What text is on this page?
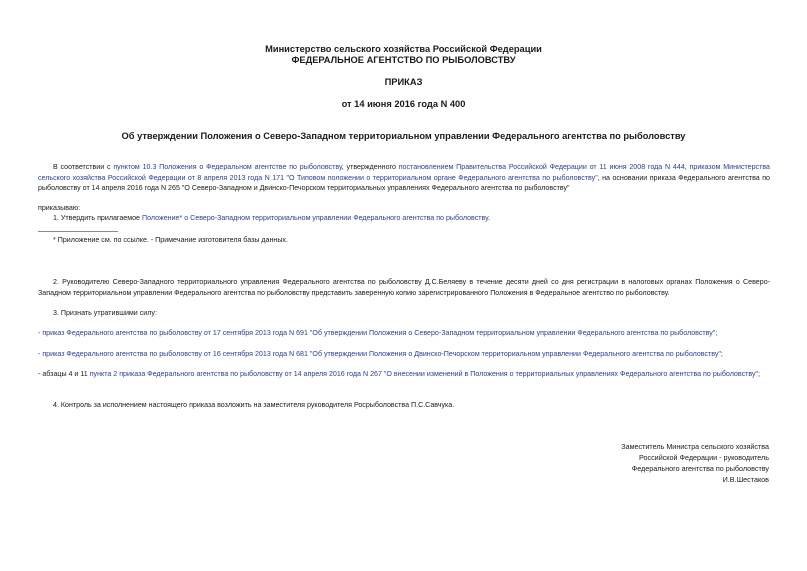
Министерство сельского хозяйства Российской Федерации
ФЕДЕРАЛЬНОЕ АГЕНТСТВО ПО РЫБОЛОВСТВУ
ПРИКАЗ
от 14 июня 2016 года N 400
Об утверждении Положения о Северо-Западном территориальном управлении Федерального агентства по рыболовству
В соответствии с пунктом 10.3 Положения о Федеральном агентстве по рыболовству, утвержденного постановлением Правительства Российской Федерации от 11 июня 2008 года N 444, приказом Министерства сельского хозяйства Российской Федерации от 8 апреля 2013 года N 171 "О Типовом положении о территориальном органе Федерального агентства по рыболовству", на основании приказа Федерального агентства по рыболовству от 14 апреля 2016 года N 265 "О Северо-Западном и Двинско-Печорском территориальных управлениях Федерального агентства по рыболовству"
приказываю:
1. Утвердить прилагаемое Положение* о Северо-Западном территориальном управлении Федерального агентства по рыболовству.
* Приложение см. по ссылке. - Примечание изготовителя базы данных.
2. Руководителю Северо-Западного территориального управления Федерального агентства по рыболовству Д.С.Беляеву в течение десяти дней со дня регистрации в налоговых органах Положения о Северо-Западном территориальном управлении Федерального агентства по рыболовству представить заверенную копию зарегистрированного Положения в Федеральное агентство по рыболовству.
3. Признать утратившими силу:
- приказ Федерального агентства по рыболовству от 17 сентября 2013 года N 691 "Об утверждении Положения о Северо-Западном территориальном управлении Федерального агентства по рыболовству";
- приказ Федерального агентства по рыболовству от 16 сентября 2013 года N 681 "Об утверждении Положения о Двинско-Печорском территориальном управлении Федерального агентства по рыболовству";
- абзацы 4 и 11 пункта 2 приказа Федерального агентства по рыболовству от 14 апреля 2016 года N 267 "О внесении изменений в Положения о территориальных управлениях Федерального агентства по рыболовству";
4. Контроль за исполнением настоящего приказа возложить на заместителя руководителя Росрыболовства П.С.Савчука.
Заместитель Министра сельского хозяйства
Российской Федерации - руководитель
Федерального агентства по рыболовству
И.В.Шестаков
